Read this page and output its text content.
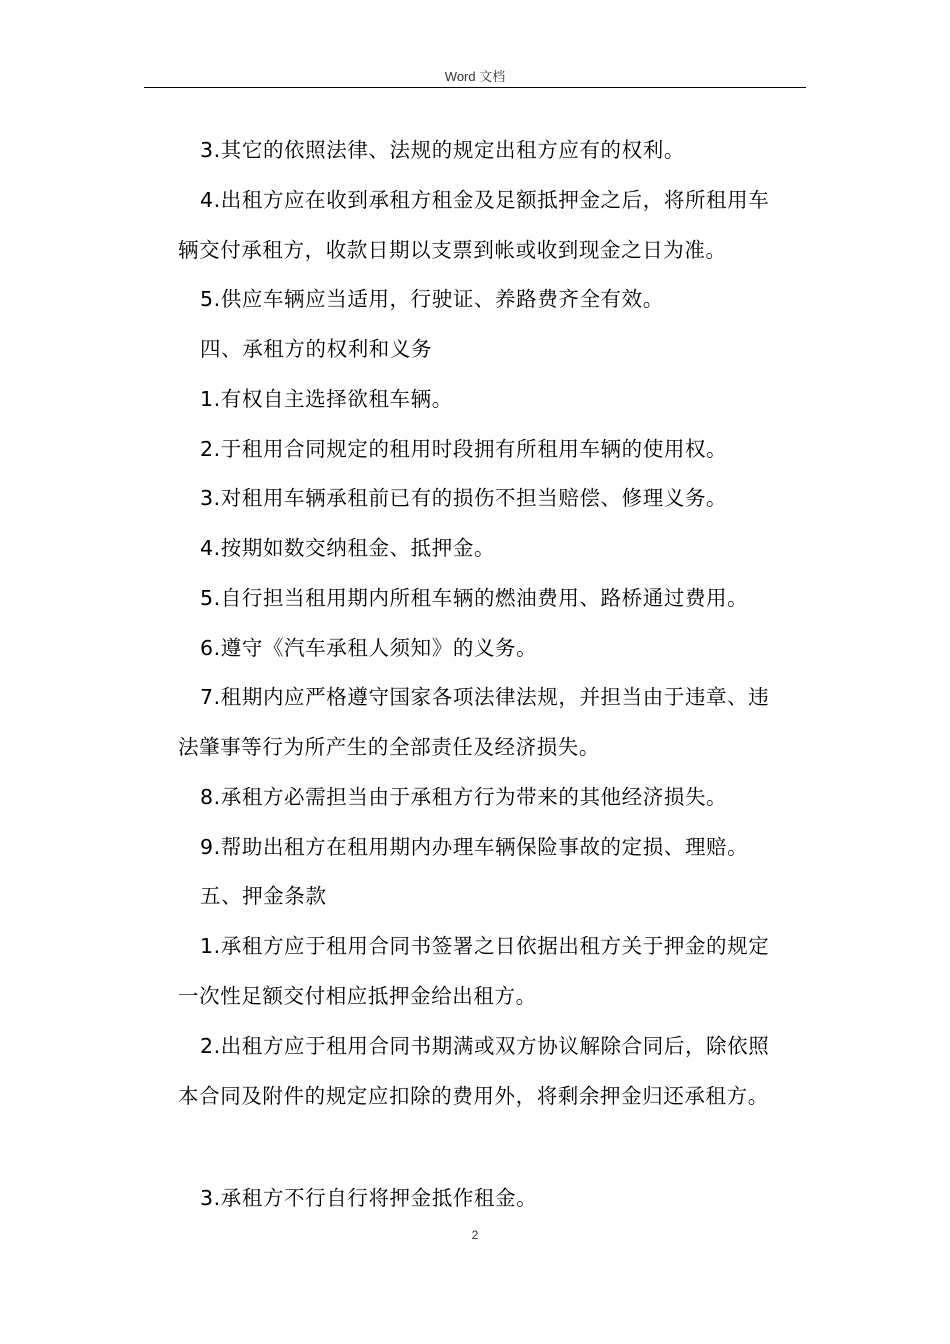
Word 文档
3.其它的依照法律、法规的规定出租方应有的权利。
4.出租方应在收到承租方租金及足额抵押金之后，将所租用车
辆交付承租方，收款日期以支票到帐或收到现金之日为准。
5.供应车辆应当适用，行驶证、养路费齐全有效。
四、承租方的权利和义务
1.有权自主选择欲租车辆。
2.于租用合同规定的租用时段拥有所租用车辆的使用权。
3.对租用车辆承租前已有的损伤不担当赔偿、修理义务。
4.按期如数交纳租金、抵押金。
5.自行担当租用期内所租车辆的燃油费用、路桥通过费用。
6.遵守《汽车承租人须知》的义务。
7.租期内应严格遵守国家各项法律法规，并担当由于违章、违
法肇事等行为所产生的全部责任及经济损失。
8.承租方必需担当由于承租方行为带来的其他经济损失。
9.帮助出租方在租用期内办理车辆保险事故的定损、理赔。
五、押金条款
1.承租方应于租用合同书签署之日依据出租方关于押金的规定
一次性足额交付相应抵押金给出租方。
2.出租方应于租用合同书期满或双方协议解除合同后，除依照
本合同及附件的规定应扣除的费用外，将剩余押金归还承租方。
3.承租方不行自行将押金抵作租金。
2
